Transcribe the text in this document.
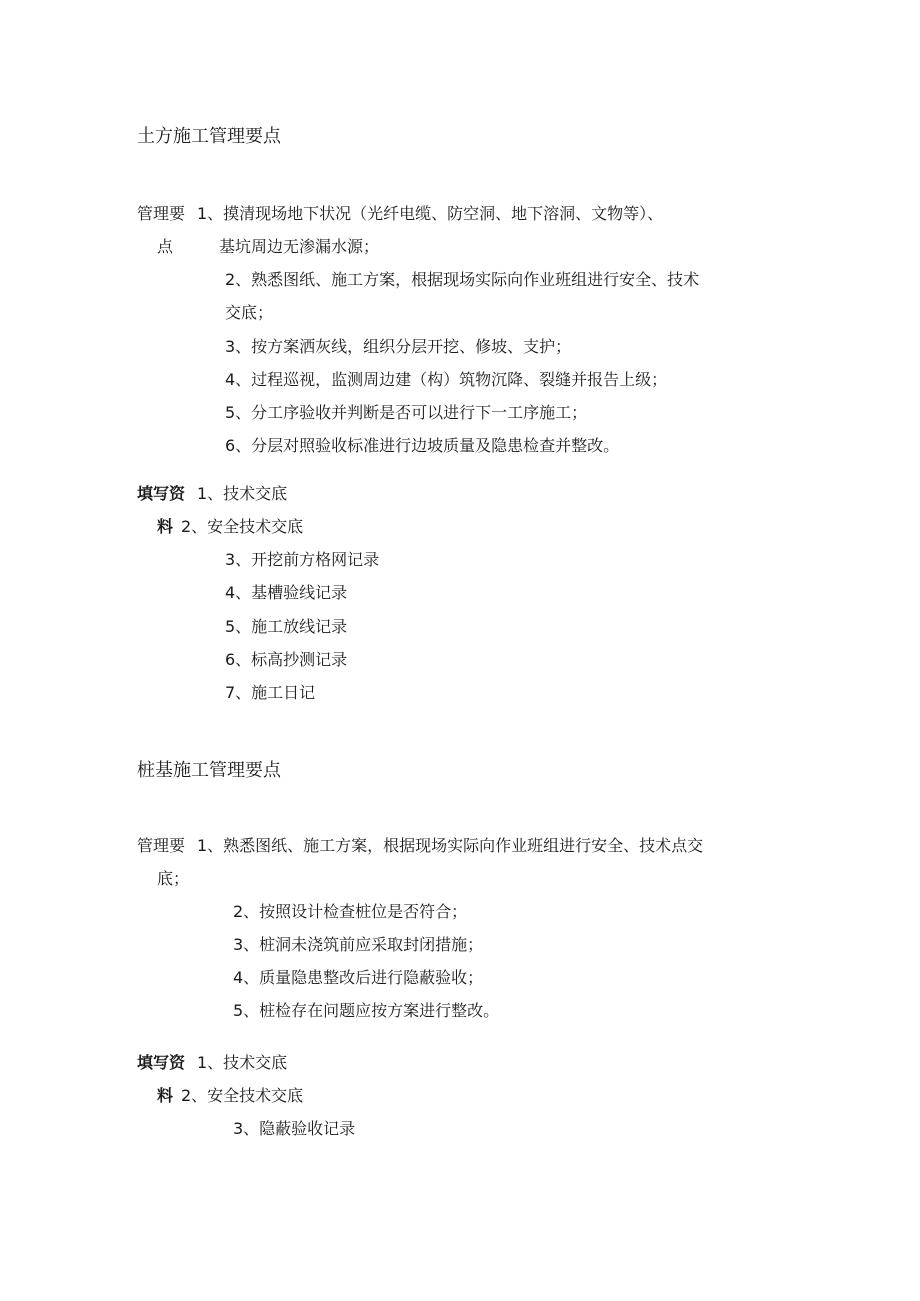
土方施工管理要点
管理要 1、摸清现场地下状况（光纤电缆、防空洞、地下溶洞、文物等）、
点	基坑周边无渗漏水源；
2、熟悉图纸、施工方案，根据现场实际向作业班组进行安全、技术
交底；
3、按方案洒灰线，组织分层开挖、修坡、支护；
4、过程巡视，监测周边建（构）筑物沉降、裂缝并报告上级；
5、分工序验收并判断是否可以进行下一工序施工；
6、分层对照验收标准进行边坡质量及隐患检查并整改。
填写资 1、技术交底
料 2、安全技术交底
3、开挖前方格网记录
4、基槽验线记录
5、施工放线记录
6、标高抄测记录
7、施工日记
桩基施工管理要点
管理要 1、熟悉图纸、施工方案，根据现场实际向作业班组进行安全、技术点交
底；
2、按照设计检查桩位是否符合；
3、桩洞未浇筑前应采取封闭措施；
4、质量隐患整改后进行隐蔽验收；
5、桩检存在问题应按方案进行整改。
填写资 1、技术交底
料 2、安全技术交底
3、隐蔽验收记录
